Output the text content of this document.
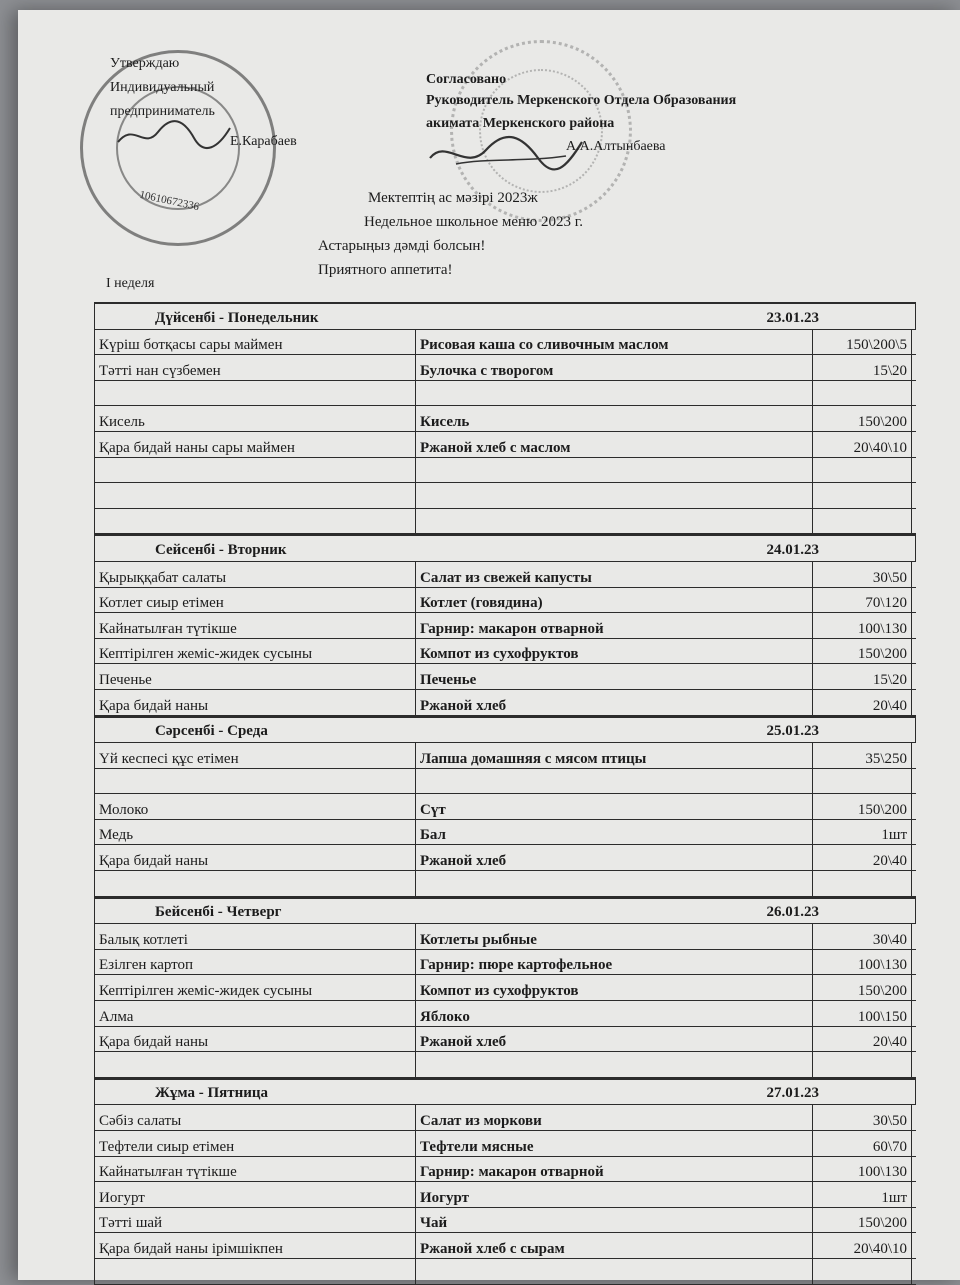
10610672336
Утверждаю
Индивидуальный
предприниматель
Е.Карабаев
Согласовано
Руководитель Меркенского Отдела Образования
акимата Меркенского района
А.А.Алтынбаева
Мектептің ас мәзірі 2023ж
Недельное школьное меню 2023 г.
Астарыңыз дәмді болсын!
Приятного аппетита!
I неделя
Дүйсенбі - Понедельник	23.01.23
Күріш ботқасы сары маймен	Рисовая каша со сливочным маслом	150\200\5
Тәтті нан сүзбемен	Булочка с творогом	15\20
Кисель	Кисель	150\200
Қара бидай наны сары маймен	Ржаной хлеб с маслом	20\40\10
Сейсенбі - Вторник	24.01.23
Қырыққабат салаты	Салат из свежей капусты	30\50
Котлет сиыр етімен	Котлет (говядина)	70\120
Кайнатылған түтікше	Гарнир: макарон отварной	100\130
Кептірілген жеміс-жидек сусыны	Компот из сухофруктов	150\200
Печенье	Печенье	15\20
Қара бидай наны	Ржаной хлеб	20\40
Сәрсенбі - Среда	25.01.23
Үй кеспесі құс етімен	Лапша домашняя с мясом птицы	35\250
Молоко	Сүт	150\200
Медь	Бал	1шт
Қара бидай наны	Ржаной хлеб	20\40
Бейсенбі - Четверг	26.01.23
Балық котлеті	Котлеты рыбные	30\40
Езілген картоп	Гарнир: пюре картофельное	100\130
Кептірілген жеміс-жидек сусыны	Компот из сухофруктов	150\200
Алма	Яблоко	100\150
Қара бидай наны	Ржаной хлеб	20\40
Жұма - Пятница	27.01.23
Сәбіз салаты	Салат из моркови	30\50
Тефтели сиыр етімен	Тефтели мясные	60\70
Кайнатылған түтікше	Гарнир: макарон отварной	100\130
Иогурт	Иогурт	1шт
Тәтті шай	Чай	150\200
Қара бидай наны ірімшікпен	Ржаной хлеб с сырам	20\40\10
